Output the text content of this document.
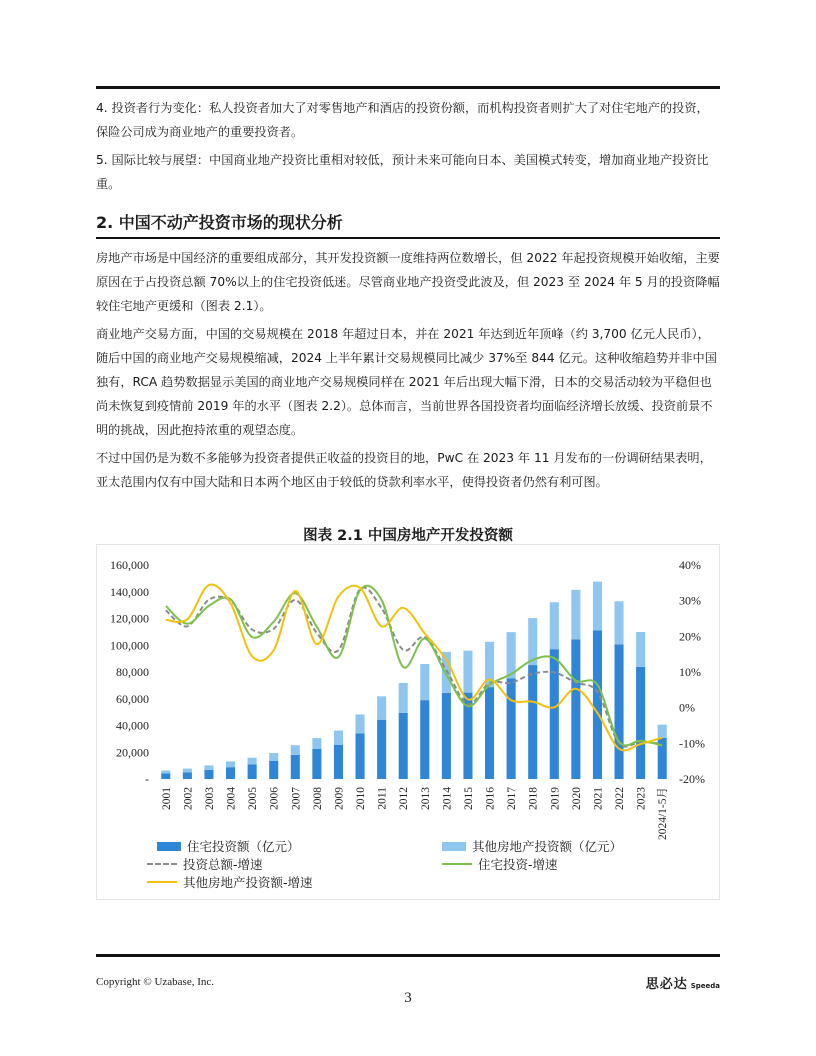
4. 投资者行为变化：私人投资者加大了对零售地产和酒店的投资份额，而机构投资者则扩大了对住宅地产的投资，保险公司成为商业地产的重要投资者。

5. 国际比较与展望：中国商业地产投资比重相对较低，预计未来可能向日本、美国模式转变，增加商业地产投资比重。

2. 中国不动产投资市场的现状分析

房地产市场是中国经济的重要组成部分，其开发投资额一度维持两位数增长，但 2022 年起投资规模开始收缩，主要原因在于占投资总额 70%以上的住宅投资低迷。尽管商业地产投资受此波及，但 2023 至 2024 年 5 月的投资降幅较住宅地产更缓和（图表 2.1）。

商业地产交易方面，中国的交易规模在 2018 年超过日本，并在 2021 年达到近年顶峰（约 3,700 亿元人民币），随后中国的商业地产交易规模缩减，2024 上半年累计交易规模同比减少 37%至 844 亿元。这种收缩趋势并非中国独有，RCA 趋势数据显示美国的商业地产交易规模同样在 2021 年后出现大幅下滑，日本的交易活动较为平稳但也尚未恢复到疫情前 2019 年的水平（图表 2.2）。总体而言，当前世界各国投资者均面临经济增长放缓、投资前景不明的挑战，因此抱持浓重的观望态度。

不过中国仍是为数不多能够为投资者提供正收益的投资目的地，PwC 在 2023 年 11 月发布的一份调研结果表明，亚太范围内仅有中国大陆和日本两个地区由于较低的贷款利率水平，使得投资者仍然有利可图。

图表 2.1 中国房地产开发投资额
-
20,000
40,000
60,000
80,000
100,000
120,000
140,000
160,000
-20%
-10%
0%
10%
20%
30%
40%
2001 2002 2003 2004 2005 2006 2007 2008 2009 2010 2011 2012 2013 2014 2015 2016 2017 2018 2019 2020 2021 2022 2023 2024/1-5月
住宅投资额（亿元）	其他房地产投资额（亿元）
投资总额-增速	住宅投资-增速
其他房地产投资额-增速
Copyright © Uzabase, Inc.	思必达 Speeda
3
